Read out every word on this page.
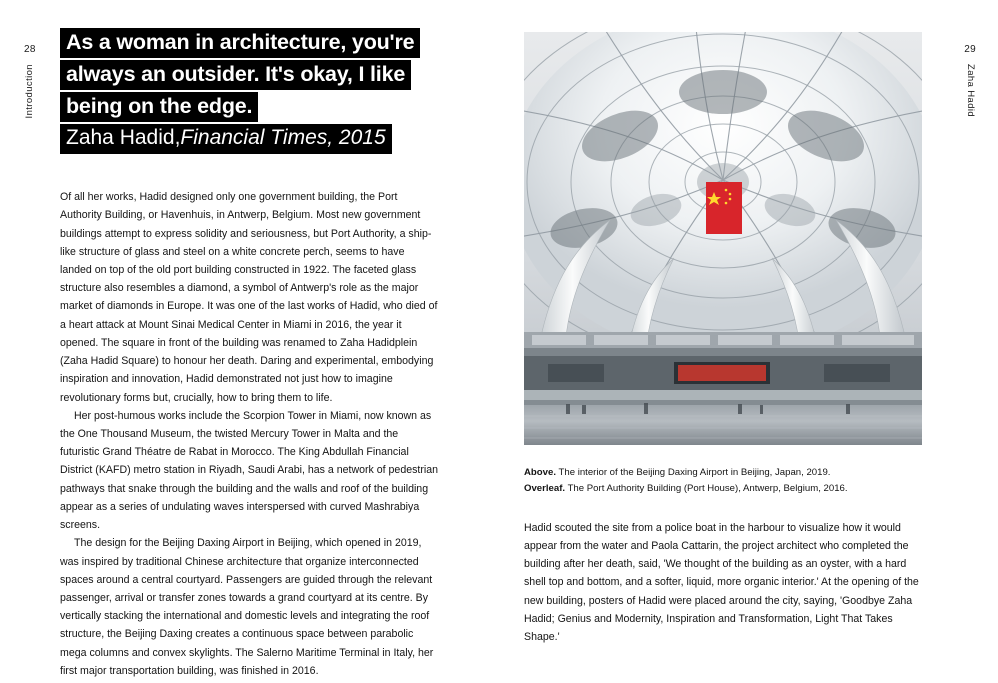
28
Introduction
29
Zaha Hadid
As a woman in architecture, you're
always an outsider. It's okay, I like
being on the edge.
Zaha Hadid,Financial Times, 2015

Of all her works, Hadid designed only one government building, the Port Authority Building, or Havenhuis, in Antwerp, Belgium. Most new government buildings attempt to express solidity and seriousness, but Port Authority, a ship-like structure of glass and steel on a white concrete perch, seems to have landed on top of the old port building constructed in 1922. The faceted glass structure also resembles a diamond, a symbol of Antwerp's role as the major market of diamonds in Europe. It was one of the last works of Hadid, who died of a heart attack at Mount Sinai Medical Center in Miami in 2016, the year it opened. The square in front of the building was renamed to Zaha Hadidplein (Zaha Hadid Square) to honour her death. Daring and experimental, embodying inspiration and innovation, Hadid demonstrated not just how to imagine revolutionary forms but, crucially, how to bring them to life.

Her post-humous works include the Scorpion Tower in Miami, now known as the One Thousand Museum, the twisted Mercury Tower in Malta and the futuristic Grand Théatre de Rabat in Morocco. The King Abdullah Financial District (KAFD) metro station in Riyadh, Saudi Arabi, has a network of pedestrian pathways that snake through the building and the walls and roof of the building appear as a series of undulating waves interspersed with curved Mashrabiya screens.

The design for the Beijing Daxing Airport in Beijing, which opened in 2019, was inspired by traditional Chinese architecture that organize interconnected spaces around a central courtyard. Passengers are guided through the relevant passenger, arrival or transfer zones towards a grand courtyard at its centre. By vertically stacking the international and domestic levels and integrating the roof structure, the Beijing Daxing creates a continuous space between parabolic mega columns and convex skylights. The Salerno Maritime Terminal in Italy, her first major transportation building, was finished in 2016.

Above. The interior of the Beijing Daxing Airport in Beijing, Japan, 2019.
Overleaf. The Port Authority Building (Port House), Antwerp, Belgium, 2016.

Hadid scouted the site from a police boat in the harbour to visualize how it would appear from the water and Paola Cattarin, the project architect who completed the building after her death, said, 'We thought of the building as an oyster, with a hard shell top and bottom, and a softer, liquid, more organic interior.' At the opening of the new building, posters of Hadid were placed around the city, saying, 'Goodbye Zaha Hadid; Genius and Modernity, Inspiration and Transformation, Light That Takes Shape.'
